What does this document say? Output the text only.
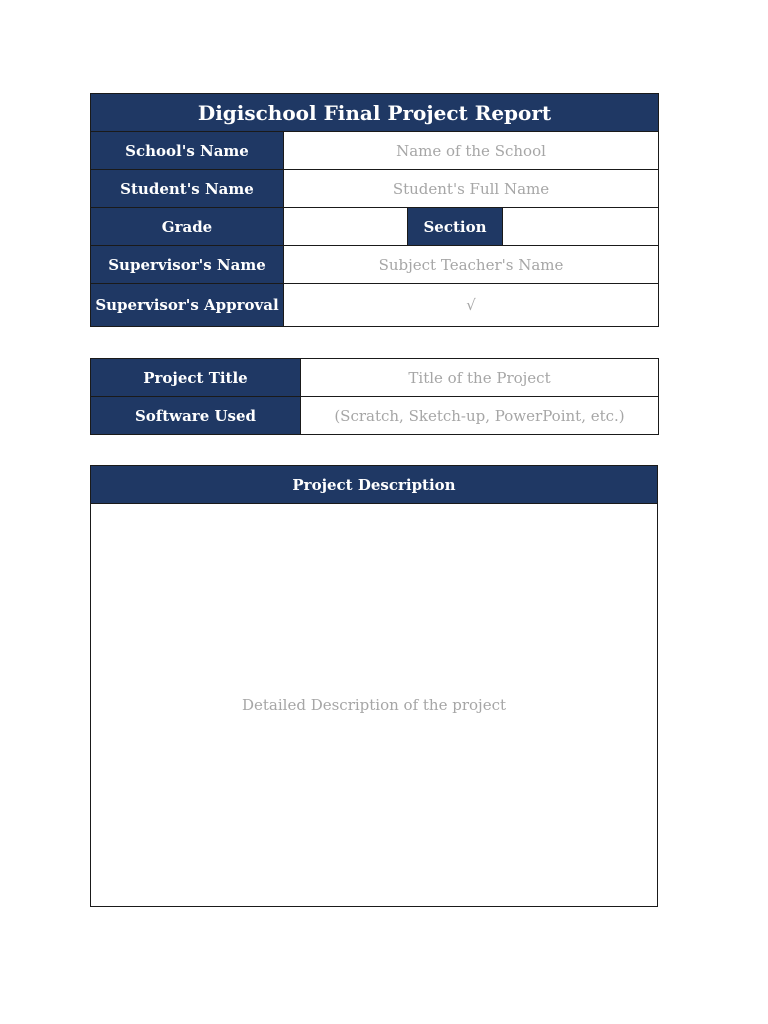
Digischool Final Project Report			
School's Name	Name of the School		
Student's Name	Student's Full Name		
Grade		Section	
Supervisor's Name	Subject Teacher's Name		
Supervisor's Approval	√		
Project Title	Title of the Project
Software Used	(Scratch, Sketch-up, PowerPoint, etc.)
Project Description
Detailed Description of the project
